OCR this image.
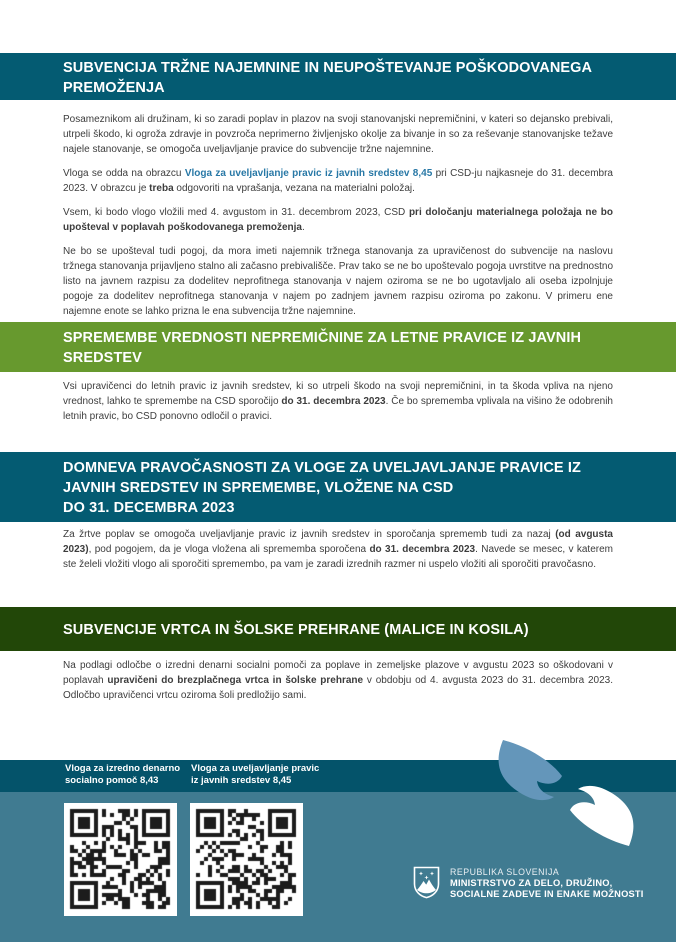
SUBVENCIJA TRŽNE NAJEMNINE IN NEUPOŠTEVANJE POŠKODOVANEGA
PREMOŽENJA

Posameznikom ali družinam, ki so zaradi poplav in plazov na svoji stanovanjski nepremičnini, v kateri so dejansko prebivali, utrpeli škodo, ki ogroža zdravje in povzroča neprimerno življenjsko okolje za bivanje in so za reševanje stanovanjske težave najele stanovanje, se omogoča uveljavljanje pravice do subvencije tržne najemnine.

Vloga se odda na obrazcu Vloga za uveljavljanje pravic iz javnih sredstev 8,45 pri CSD-ju najkasneje do 31. decembra 2023. V obrazcu je treba odgovoriti na vprašanja, vezana na materialni položaj.

Vsem, ki bodo vlogo vložili med 4. avgustom in 31. decembrom 2023, CSD pri določanju materialnega položaja ne bo upošteval v poplavah poškodovanega premoženja.

Ne bo se upošteval tudi pogoj, da mora imeti najemnik tržnega stanovanja za upravičenost do subvencije na naslovu tržnega stanovanja prijavljeno stalno ali začasno prebivališče. Prav tako se ne bo upoštevalo pogoja uvrstitve na prednostno listo na javnem razpisu za dodelitev neprofitnega stanovanja v najem oziroma se ne bo ugotavljalo ali oseba izpolnjuje pogoje za dodelitev neprofitnega stanovanja v najem po zadnjem javnem razpisu oziroma po zakonu. V primeru ene najemne enote se lahko prizna le ena subvencija tržne najemnine.

SPREMEMBE VREDNOSTI NEPREMIČNINE ZA LETNE PRAVICE IZ JAVNIH
SREDSTEV

Vsi upravičenci do letnih pravic iz javnih sredstev, ki so utrpeli škodo na svoji nepremičnini, in ta škoda vpliva na njeno vrednost, lahko te spremembe na CSD sporočijo do 31. decembra 2023. Če bo sprememba vplivala na višino že odobrenih letnih pravic, bo CSD ponovno odločil o pravici.

DOMNEVA PRAVOČASNOSTI ZA VLOGE ZA UVELJAVLJANJE PRAVICE IZ
JAVNIH SREDSTEV IN SPREMEMBE, VLOŽENE NA CSD
DO 31. DECEMBRA 2023

Za žrtve poplav se omogoča uveljavljanje pravic iz javnih sredstev in sporočanja sprememb tudi za nazaj (od avgusta 2023), pod pogojem, da je vloga vložena ali sprememba sporočena do 31. decembra 2023. Navede se mesec, v katerem ste želeli vložiti vlogo ali sporočiti spremembo, pa vam je zaradi izrednih razmer ni uspelo vložiti ali sporočiti pravočasno.

SUBVENCIJE VRTCA IN ŠOLSKE PREHRANE (MALICE IN KOSILA)

Na podlagi odločbe o izredni denarni socialni pomoči za poplave in zemeljske plazove v avgustu 2023 so oškodovani v poplavah upravičeni do brezplačnega vrtca in šolske prehrane v obdobju od 4. avgusta 2023 do 31. decembra 2023. Odločbo upravičenci vrtcu oziroma šoli predložijo sami.

Vloga za izredno denarno
socialno pomoč 8,43
Vloga za uveljavljanje pravic
iz javnih sredstev 8,45
REPUBLIKA SLOVENIJA
MINISTRSTVO ZA DELO, DRUŽINO,
SOCIALNE ZADEVE IN ENAKE MOŽNOSTI
